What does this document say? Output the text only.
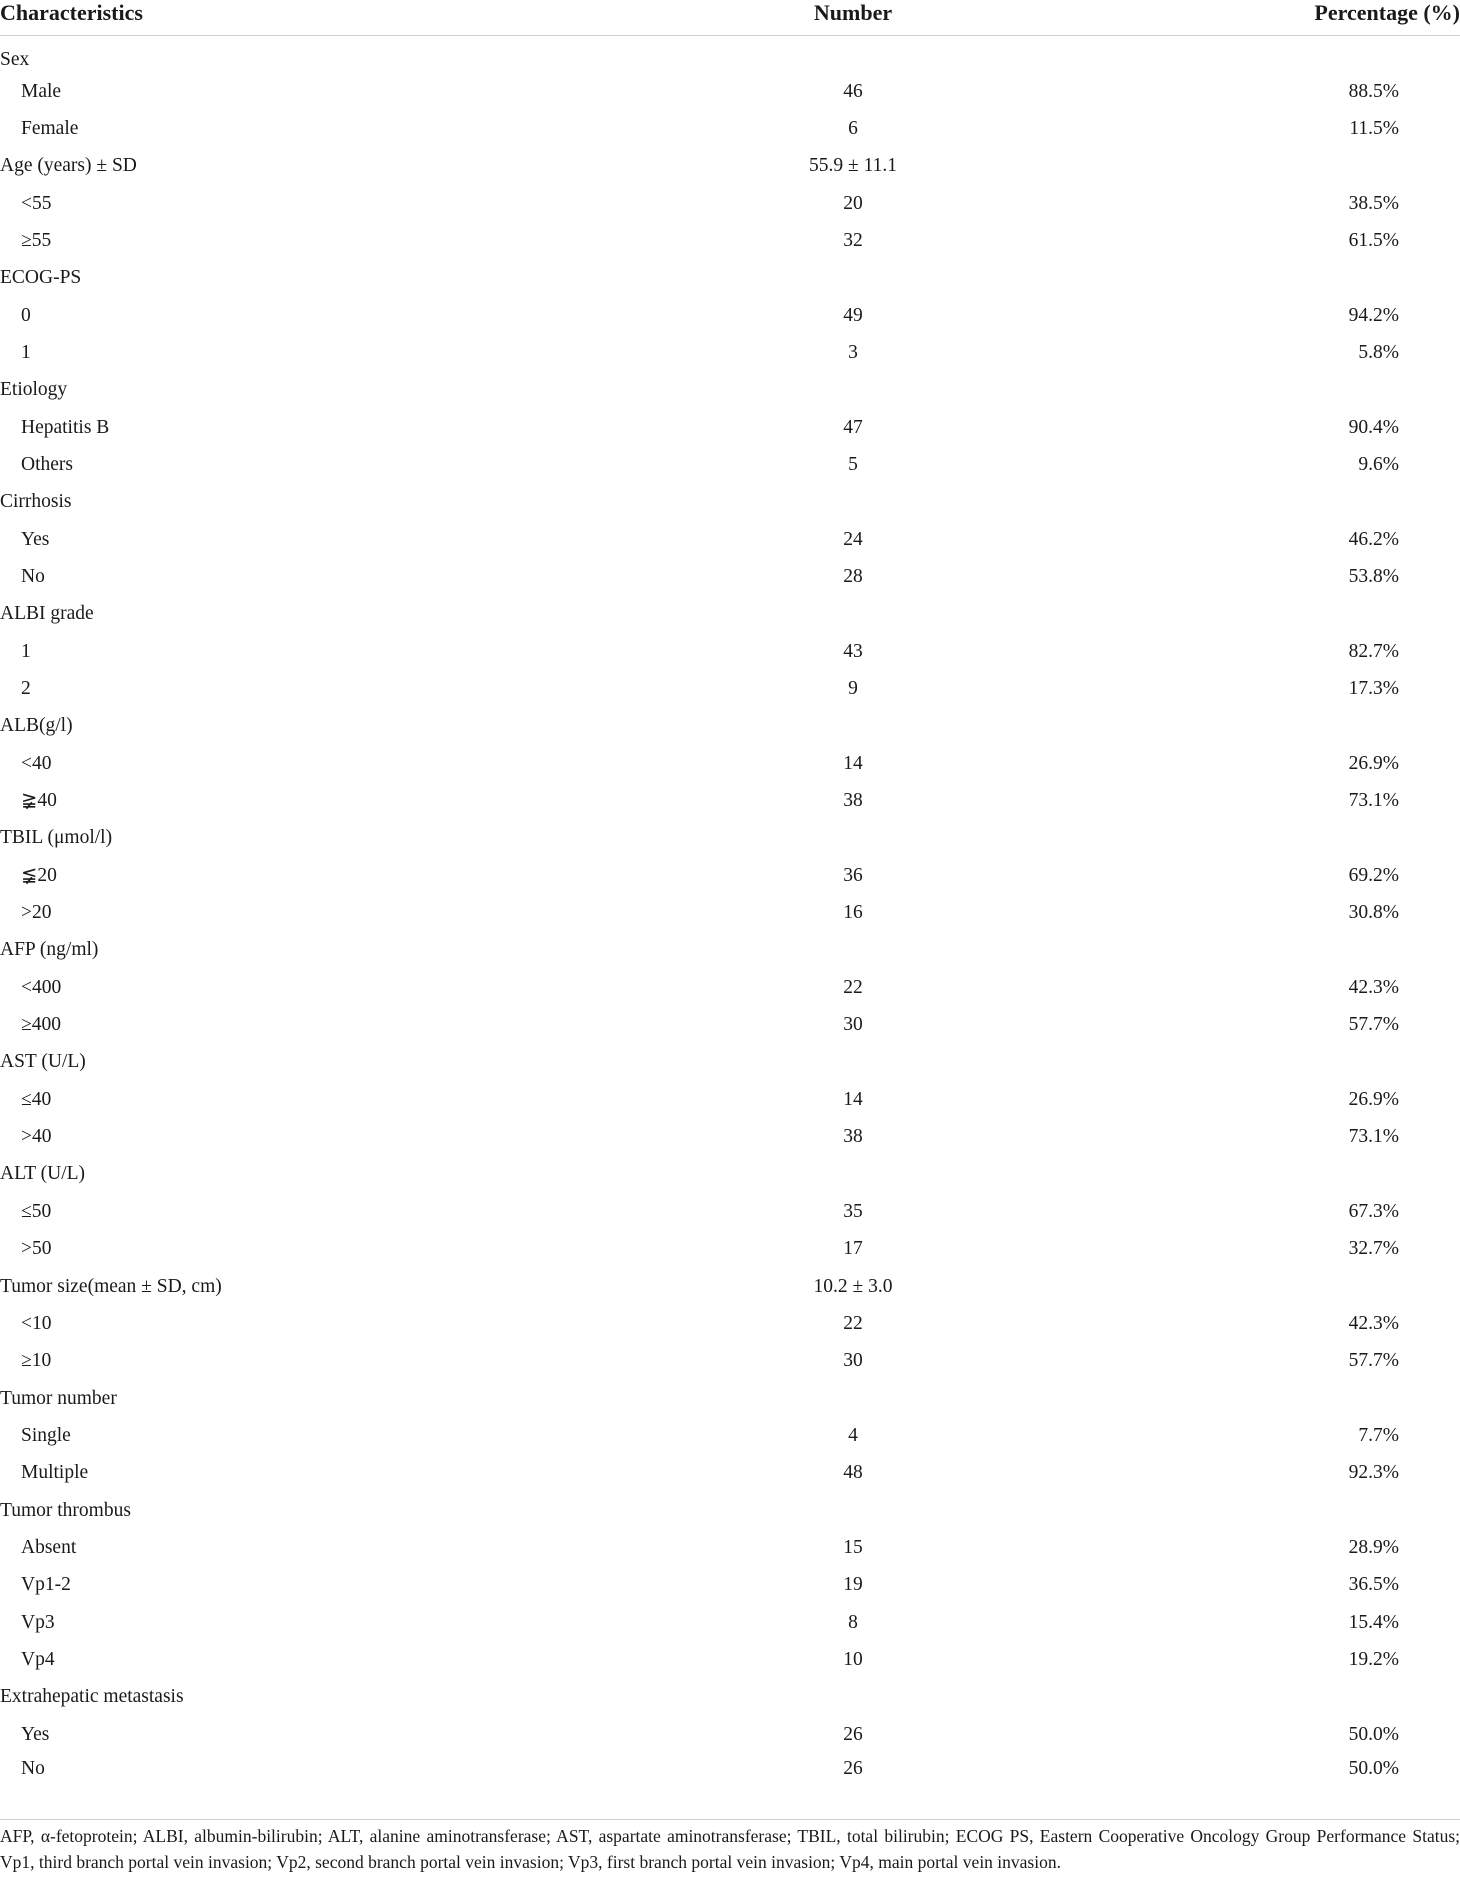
Characteristics	Number	Percentage (%)
Sex		
Male	46	88.5%
Female	6	11.5%
Age (years) ± SD	55.9 ± 11.1	
<55	20	38.5%
≥55	32	61.5%
ECOG-PS		
0	49	94.2%
1	3	5.8%
Etiology		
Hepatitis B	47	90.4%
Others	5	9.6%
Cirrhosis		
Yes	24	46.2%
No	28	53.8%
ALBI grade		
1	43	82.7%
2	9	17.3%
ALB(g/l)		
<40	14	26.9%
≩40	38	73.1%
TBIL (μmol/l)		
≨20	36	69.2%
>20	16	30.8%
AFP (ng/ml)		
<400	22	42.3%
≥400	30	57.7%
AST (U/L)		
≤40	14	26.9%
>40	38	73.1%
ALT (U/L)		
≤50	35	67.3%
>50	17	32.7%
Tumor size(mean ± SD, cm)	10.2 ± 3.0	
<10	22	42.3%
≥10	30	57.7%
Tumor number		
Single	4	7.7%
Multiple	48	92.3%
Tumor thrombus		
Absent	15	28.9%
Vp1-2	19	36.5%
Vp3	8	15.4%
Vp4	10	19.2%
Extrahepatic metastasis		
Yes	26	50.0%
No	26	50.0%
AFP, α-fetoprotein; ALBI, albumin-bilirubin; ALT, alanine aminotransferase; AST, aspartate aminotransferase; TBIL, total bilirubin; ECOG PS, Eastern Cooperative Oncology Group Performance Status; Vp1, third branch portal vein invasion; Vp2, second branch portal vein invasion; Vp3, first branch portal vein invasion; Vp4, main portal vein invasion.
